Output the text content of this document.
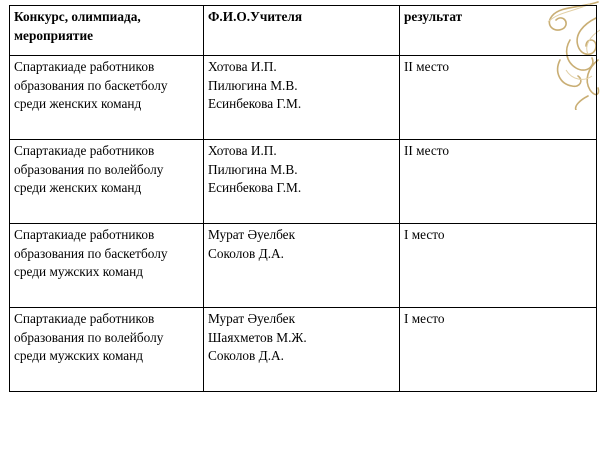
Конкурс, олимпиада,
мероприятие	Ф.И.О.Учителя	результат

Спартакиаде работников
образования по баскетболу
среди женских команд	Хотова И.П.
Пилюгина М.В.
Есинбекова Г.М.	II место

Спартакиаде работников
образования по волейболу
среди женских команд	Хотова И.П.
Пилюгина М.В.
Есинбекова Г.М.	II место

Спартакиаде работников
образования по баскетболу
среди мужских команд	Мурат Әуелбек
Соколов Д.А.	I место

Спартакиаде работников
образования по волейболу
среди мужских команд	Мурат Әуелбек
Шаяхметов М.Ж.
Соколов Д.А.	I место
